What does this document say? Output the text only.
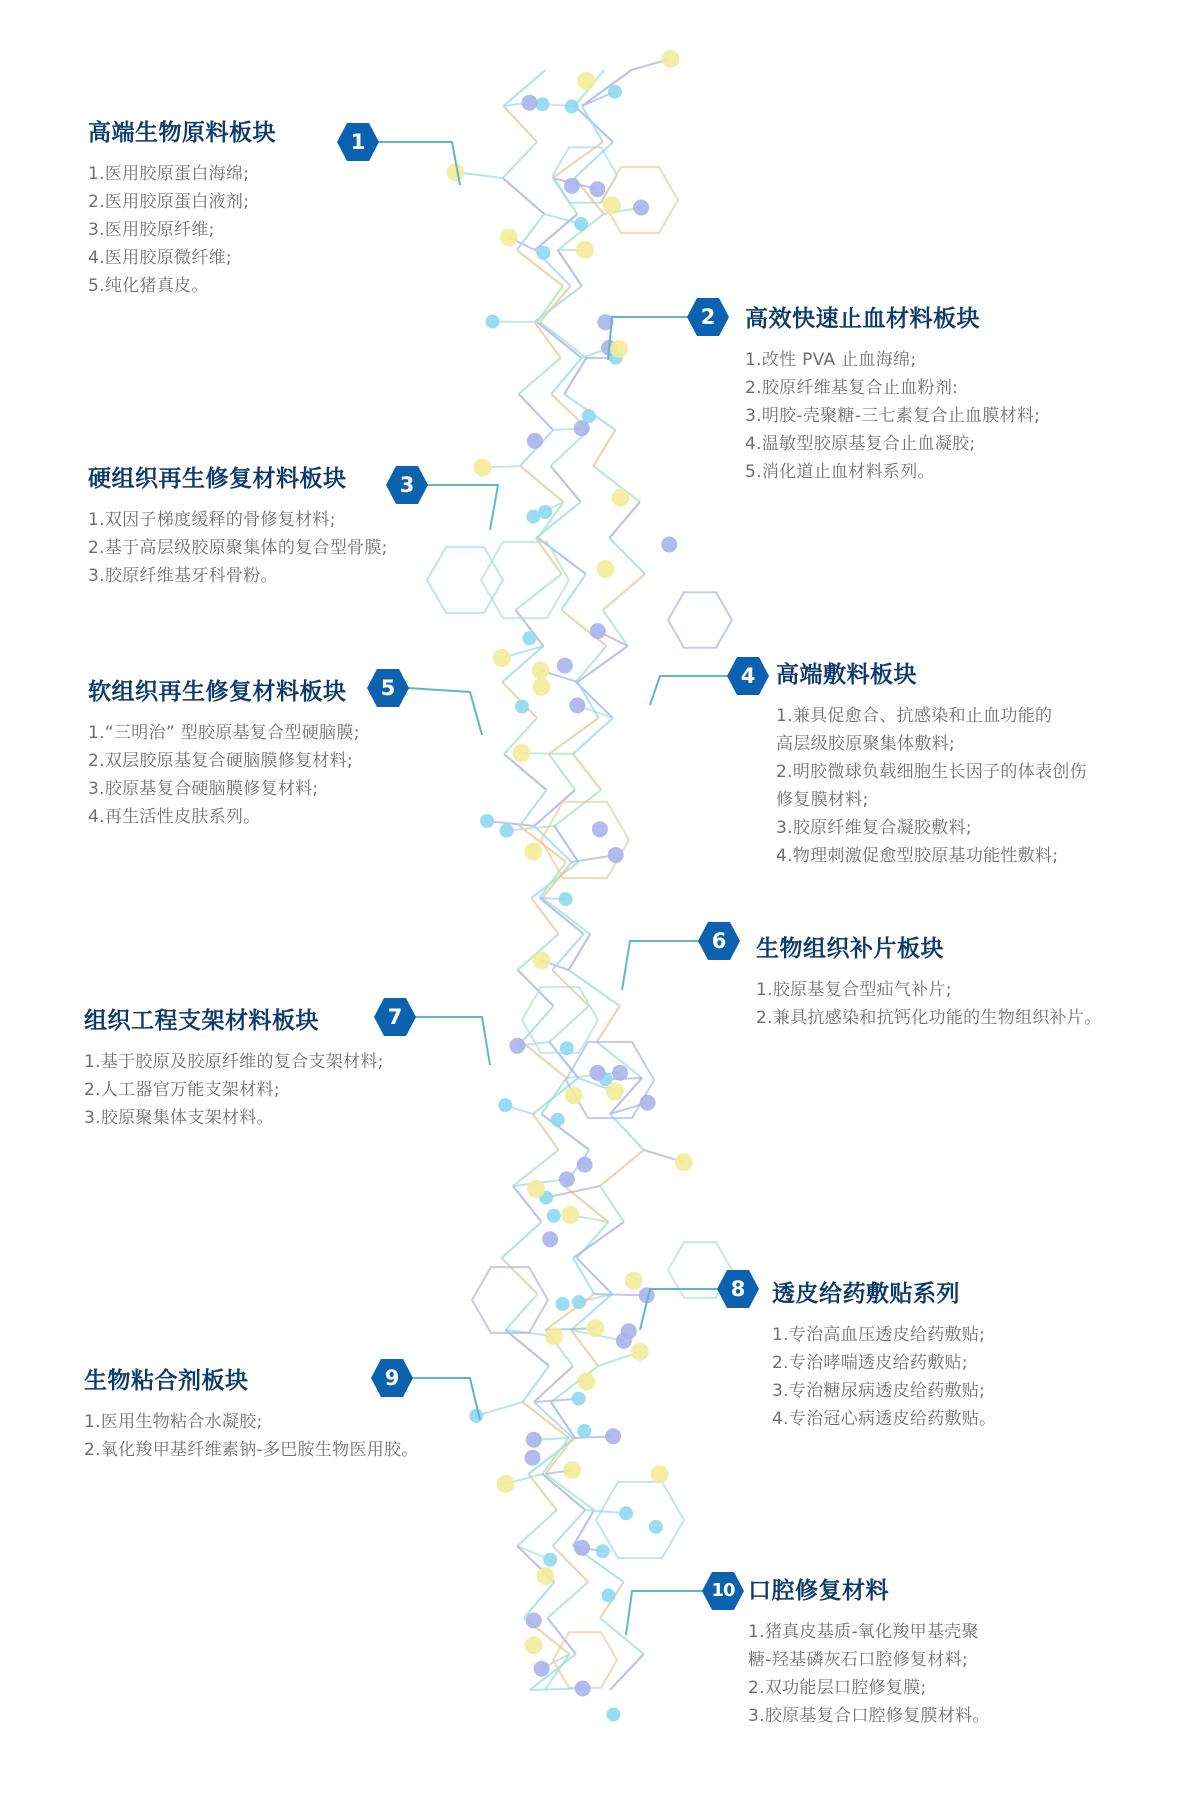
高端生物原料板块
1.医用胶原蛋白海绵;
2.医用胶原蛋白液剂;
3.医用胶原纤维;
4.医用胶原微纤维;
5.纯化猪真皮。
高效快速止血材料板块
1.改性 PVA 止血海绵;
2.胶原纤维基复合止血粉剂:
3.明胶-壳聚糖-三七素复合止血膜材料;
4.温敏型胶原基复合止血凝胶;
5.消化道止血材料系列。
硬组织再生修复材料板块
1.双因子梯度缓释的骨修复材料;
2.基于高层级胶原聚集体的复合型骨膜;
3.胶原纤维基牙科骨粉。
高端敷料板块
1.兼具促愈合、抗感染和止血功能的
高层级胶原聚集体敷料;
2.明胶微球负载细胞生长因子的体表创伤
修复膜材料;
3.胶原纤维复合凝胶敷料;
4.物理刺激促愈型胶原基功能性敷料;
软组织再生修复材料板块
1.“三明治” 型胶原基复合型硬脑膜;
2.双层胶原基复合硬脑膜修复材料;
3.胶原基复合硬脑膜修复材料;
4.再生活性皮肤系列。
生物组织补片板块
1.胶原基复合型疝气补片;
2.兼具抗感染和抗钙化功能的生物组织补片。
组织工程支架材料板块
1.基于胶原及胶原纤维的复合支架材料;
2.人工器官万能支架材料;
3.胶原聚集体支架材料。
透皮给药敷贴系列
1.专治高血压透皮给药敷贴;
2.专治哮喘透皮给药敷贴;
3.专治糖尿病透皮给药敷贴;
4.专治冠心病透皮给药敷贴。
生物粘合剂板块
1.医用生物粘合水凝胶;
2.氧化羧甲基纤维素钠-多巴胺生物医用胶。
口腔修复材料
1.猪真皮基质-氧化羧甲基壳聚
糖-羟基磷灰石口腔修复材料;
2.双功能层口腔修复膜;
3.胶原基复合口腔修复膜材料。
1
2
3
4
5
6
7
8
9
10
